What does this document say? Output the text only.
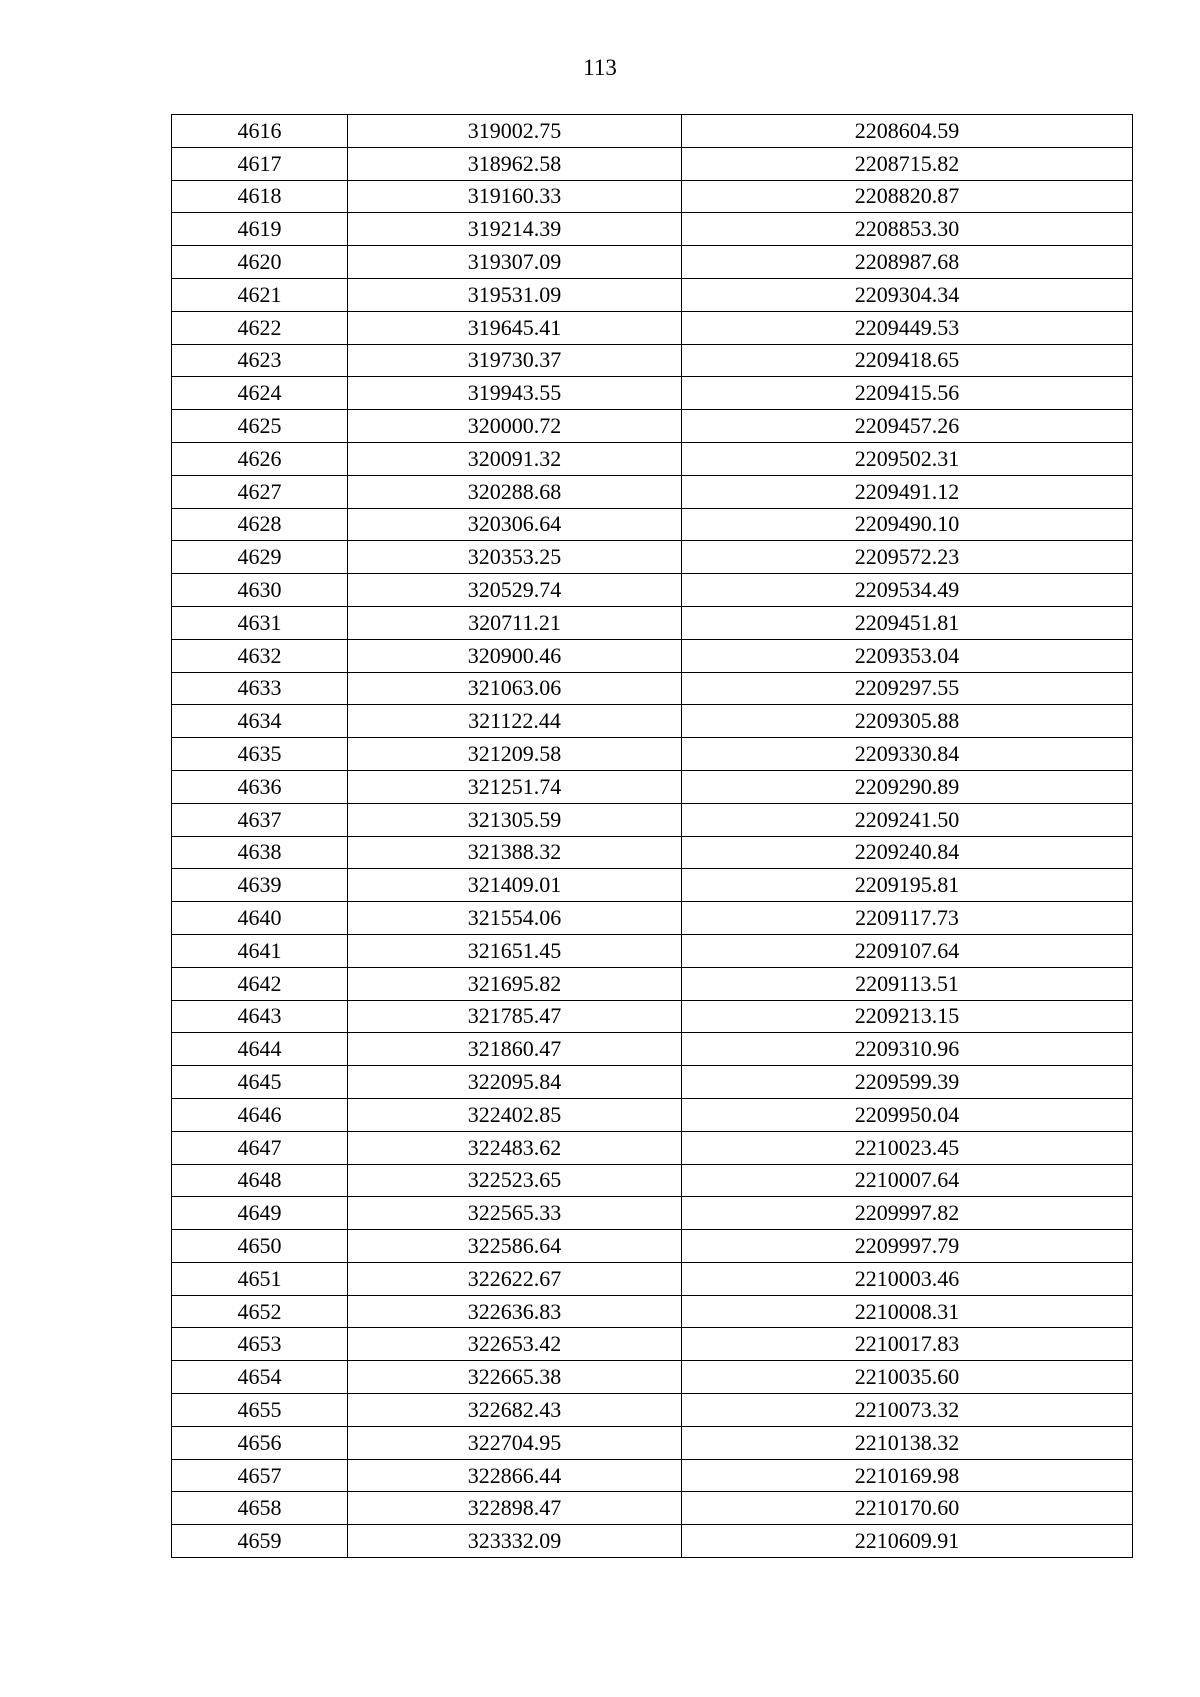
113
4616	319002.75	2208604.59
4617	318962.58	2208715.82
4618	319160.33	2208820.87
4619	319214.39	2208853.30
4620	319307.09	2208987.68
4621	319531.09	2209304.34
4622	319645.41	2209449.53
4623	319730.37	2209418.65
4624	319943.55	2209415.56
4625	320000.72	2209457.26
4626	320091.32	2209502.31
4627	320288.68	2209491.12
4628	320306.64	2209490.10
4629	320353.25	2209572.23
4630	320529.74	2209534.49
4631	320711.21	2209451.81
4632	320900.46	2209353.04
4633	321063.06	2209297.55
4634	321122.44	2209305.88
4635	321209.58	2209330.84
4636	321251.74	2209290.89
4637	321305.59	2209241.50
4638	321388.32	2209240.84
4639	321409.01	2209195.81
4640	321554.06	2209117.73
4641	321651.45	2209107.64
4642	321695.82	2209113.51
4643	321785.47	2209213.15
4644	321860.47	2209310.96
4645	322095.84	2209599.39
4646	322402.85	2209950.04
4647	322483.62	2210023.45
4648	322523.65	2210007.64
4649	322565.33	2209997.82
4650	322586.64	2209997.79
4651	322622.67	2210003.46
4652	322636.83	2210008.31
4653	322653.42	2210017.83
4654	322665.38	2210035.60
4655	322682.43	2210073.32
4656	322704.95	2210138.32
4657	322866.44	2210169.98
4658	322898.47	2210170.60
4659	323332.09	2210609.91
